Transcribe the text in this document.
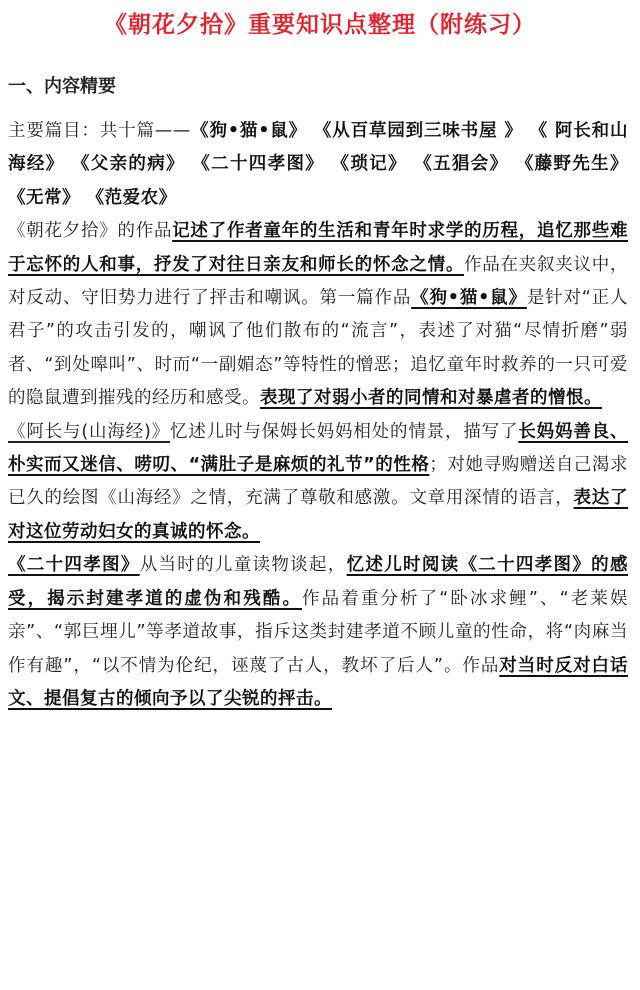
《朝花夕拾》重要知识点整理（附练习）
一、内容精要

主要篇目：共十篇——《狗•猫•鼠》 《从百草园到三味书屋 》 《 阿长和山海经》 《父亲的病》 《二十四孝图》 《琐记》 《五猖会》 《藤野先生》 《无常》 《范爱农》

《朝花夕拾》的作品记述了作者童年的生活和青年时求学的历程，追忆那些难于忘怀的人和事，抒发了对往日亲友和师长的怀念之情。作品在夹叙夹议中，对反动、守旧势力进行了抨击和嘲讽。第一篇作品《狗•猫•鼠》是针对“正人君子”的攻击引发的，嘲讽了他们散布的“流言”，表述了对猫“尽情折磨”弱者、“到处嗥叫”、时而“一副媚态”等特性的憎恶；追忆童年时救养的一只可爱的隐鼠遭到摧残的经历和感受。表现了对弱小者的同情和对暴虐者的憎恨。

《阿长与(山海经)》忆述儿时与保姆长妈妈相处的情景，描写了长妈妈善良、朴实而又迷信、唠叨、“满肚子是麻烦的礼节”的性格；对她寻购赠送自己渴求已久的绘图《山海经》之情，充满了尊敬和感激。文章用深情的语言，表达了对这位劳动妇女的真诚的怀念。

《二十四孝图》从当时的儿童读物谈起，忆述儿时阅读《二十四孝图》的感受，揭示封建孝道的虚伪和残酷。作品着重分析了“卧冰求鲤”、“老莱娱亲”、“郭巨埋儿”等孝道故事，指斥这类封建孝道不顾儿童的性命，将“肉麻当作有趣”，“以不情为伦纪，诬蔑了古人，教坏了后人”。作品对当时反对白话文、提倡复古的倾向予以了尖锐的抨击。
